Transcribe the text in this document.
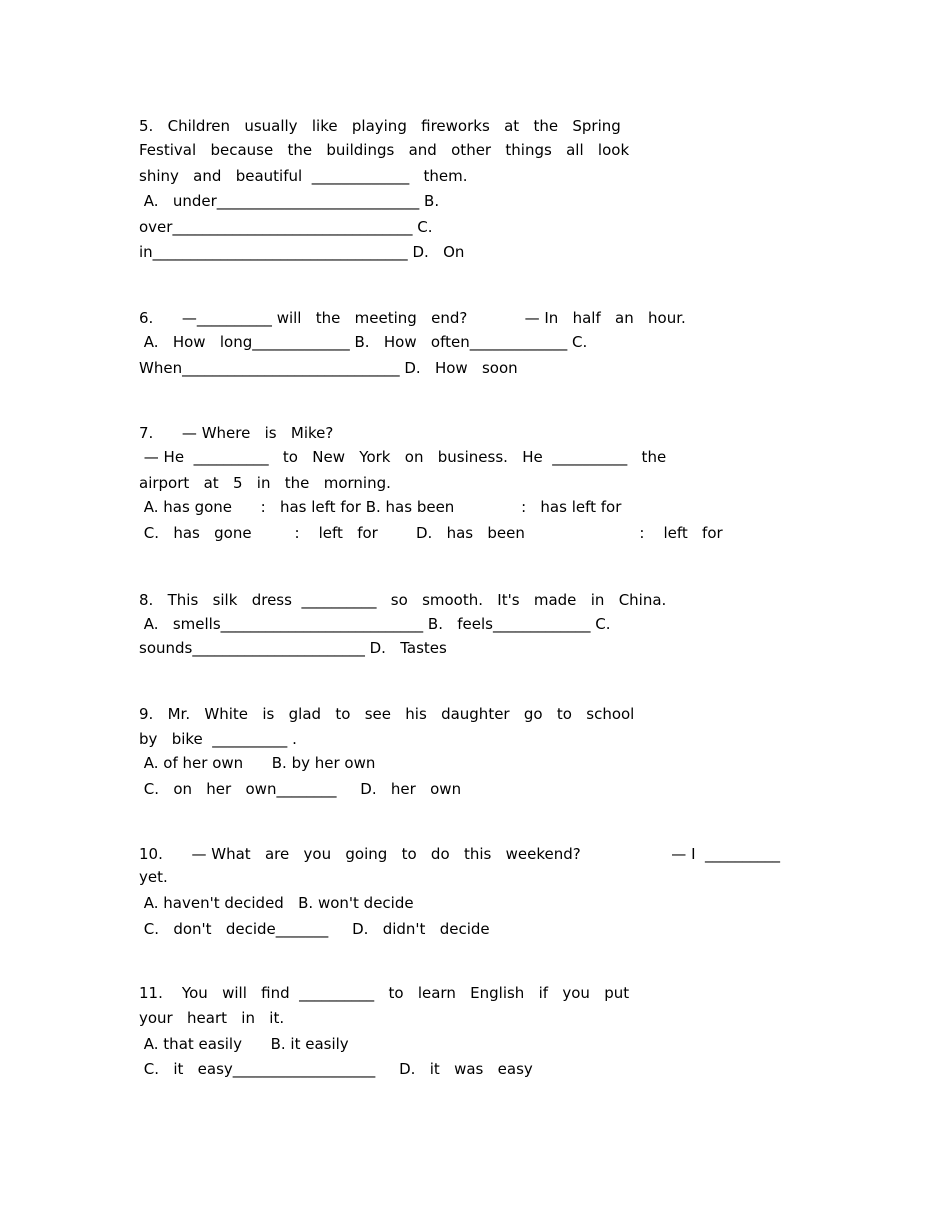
5.   Children   usually   like   playing   fireworks   at   the   Spring
Festival   because   the   buildings   and   other   things   all   look
shiny   and   beautiful  _____________   them.
A.   under___________________________ B.
over________________________________ C.
in__________________________________ D.   On
6.      —__________ will   the   meeting   end?            — In   half   an   hour.
A.   How   long_____________ B.   How   often_____________ C.
When_____________________________ D.   How   soon
7.      — Where   is   Mike?
— He  __________   to   New   York   on   business.   He  __________   the
airport   at   5   in   the   morning.
A. has gone      :   has left for B. has been              :   has left for
C.   has   gone         :    left   for        D.   has   been                        :    left   for
8.   This   silk   dress  __________   so   smooth.   It's   made   in   China.
A.   smells___________________________ B.   feels_____________ C.
sounds_______________________ D.   Tastes
9.   Mr.   White   is   glad   to   see   his   daughter   go   to   school
by   bike  __________ .
A. of her own      B. by her own
C.   on   her   own________     D.   her   own
10.      — What   are   you   going   to   do   this   weekend?                   — I  __________
yet.
A. haven't decided   B. won't decide
C.   don't   decide_______     D.   didn't   decide
11.    You   will   find  __________   to   learn   English   if   you   put
your   heart   in   it.
A. that easily      B. it easily
C.   it   easy___________________     D.   it   was   easy
